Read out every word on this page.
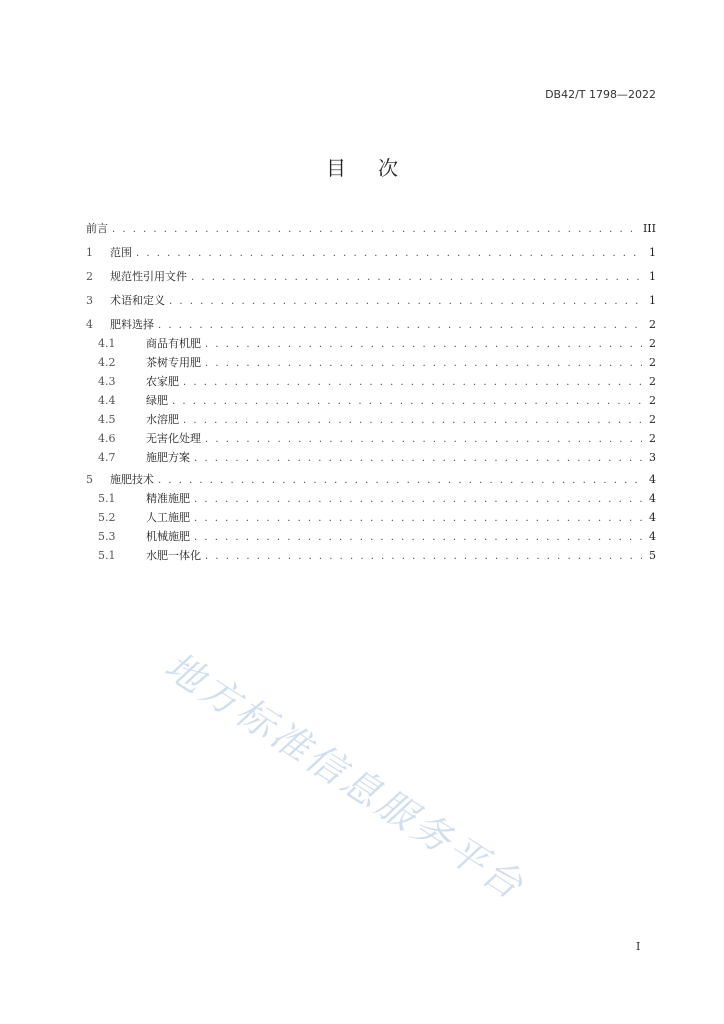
DB42/T 1798—2022
目 次
前言 . . .	III
1	范围 . . .	1
2	规范性引用文件 . . .	1
3	术语和定义 . . .	1
4	肥料选择 . . .	2
4.1	商品有机肥 . . .	2
4.2	茶树专用肥 . . .	2
4.3	农家肥 . . .	2
4.4	绿肥 . . .	2
4.5	水溶肥 . . .	2
4.6	无害化处理 . . .	2
4.7	施肥方案 . . .	3
5	施肥技术 . . .	4
5.1	精准施肥 . . .	4
5.2	人工施肥 . . .	4
5.3	机械施肥 . . .	4
5.1	水肥一体化 . . .	5
地方标准信息服务平台
I
